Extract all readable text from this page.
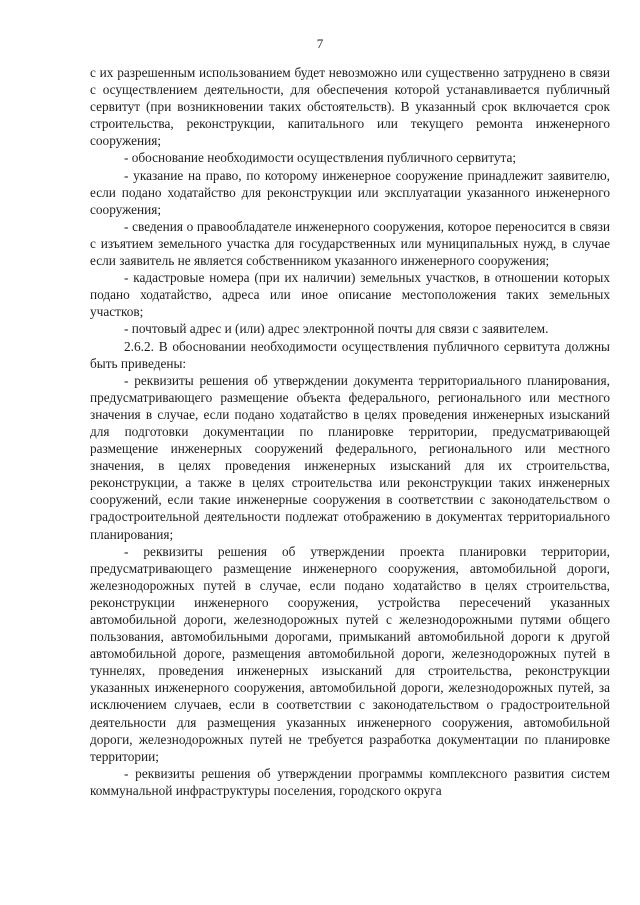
7

с их разрешенным использованием будет невозможно или существенно затруднено в связи с осуществлением деятельности, для обеспечения которой устанавливается публичный сервитут (при возникновении таких обстоятельств). В указанный срок включается срок строительства, реконструкции, капитального или текущего ремонта инженерного сооружения;

- обоснование необходимости осуществления публичного сервитута;

- указание на право, по которому инженерное сооружение принадлежит заявителю, если подано ходатайство для реконструкции или эксплуатации указанного инженерного сооружения;

- сведения о правообладателе инженерного сооружения, которое переносится в связи с изъятием земельного участка для государственных или муниципальных нужд, в случае если заявитель не является собственником указанного инженерного сооружения;

- кадастровые номера (при их наличии) земельных участков, в отношении которых подано ходатайство, адреса или иное описание местоположения таких земельных участков;

- почтовый адрес и (или) адрес электронной почты для связи с заявителем.

2.6.2. В обосновании необходимости осуществления публичного сервитута должны быть приведены:

- реквизиты решения об утверждении документа территориального планирования, предусматривающего размещение объекта федерального, регионального или местного значения в случае, если подано ходатайство в целях проведения инженерных изысканий для подготовки документации по планировке территории, предусматривающей размещение инженерных сооружений федерального, регионального или местного значения, в целях проведения инженерных изысканий для их строительства, реконструкции, а также в целях строительства или реконструкции таких инженерных сооружений, если такие инженерные сооружения в соответствии с законодательством о градостроительной деятельности подлежат отображению в документах территориального планирования;

- реквизиты решения об утверждении проекта планировки территории, предусматривающего размещение инженерного сооружения, автомобильной дороги, железнодорожных путей в случае, если подано ходатайство в целях строительства, реконструкции инженерного сооружения, устройства пересечений указанных автомобильной дороги, железнодорожных путей с железнодорожными путями общего пользования, автомобильными дорогами, примыканий автомобильной дороги к другой автомобильной дороге, размещения автомобильной дороги, железнодорожных путей в туннелях, проведения инженерных изысканий для строительства, реконструкции указанных инженерного сооружения, автомобильной дороги, железнодорожных путей, за исключением случаев, если в соответствии с законодательством о градостроительной деятельности для размещения указанных инженерного сооружения, автомобильной дороги, железнодорожных путей не требуется разработка документации по планировке территории;

- реквизиты решения об утверждении программы комплексного развития систем коммунальной инфраструктуры поселения, городского округа
